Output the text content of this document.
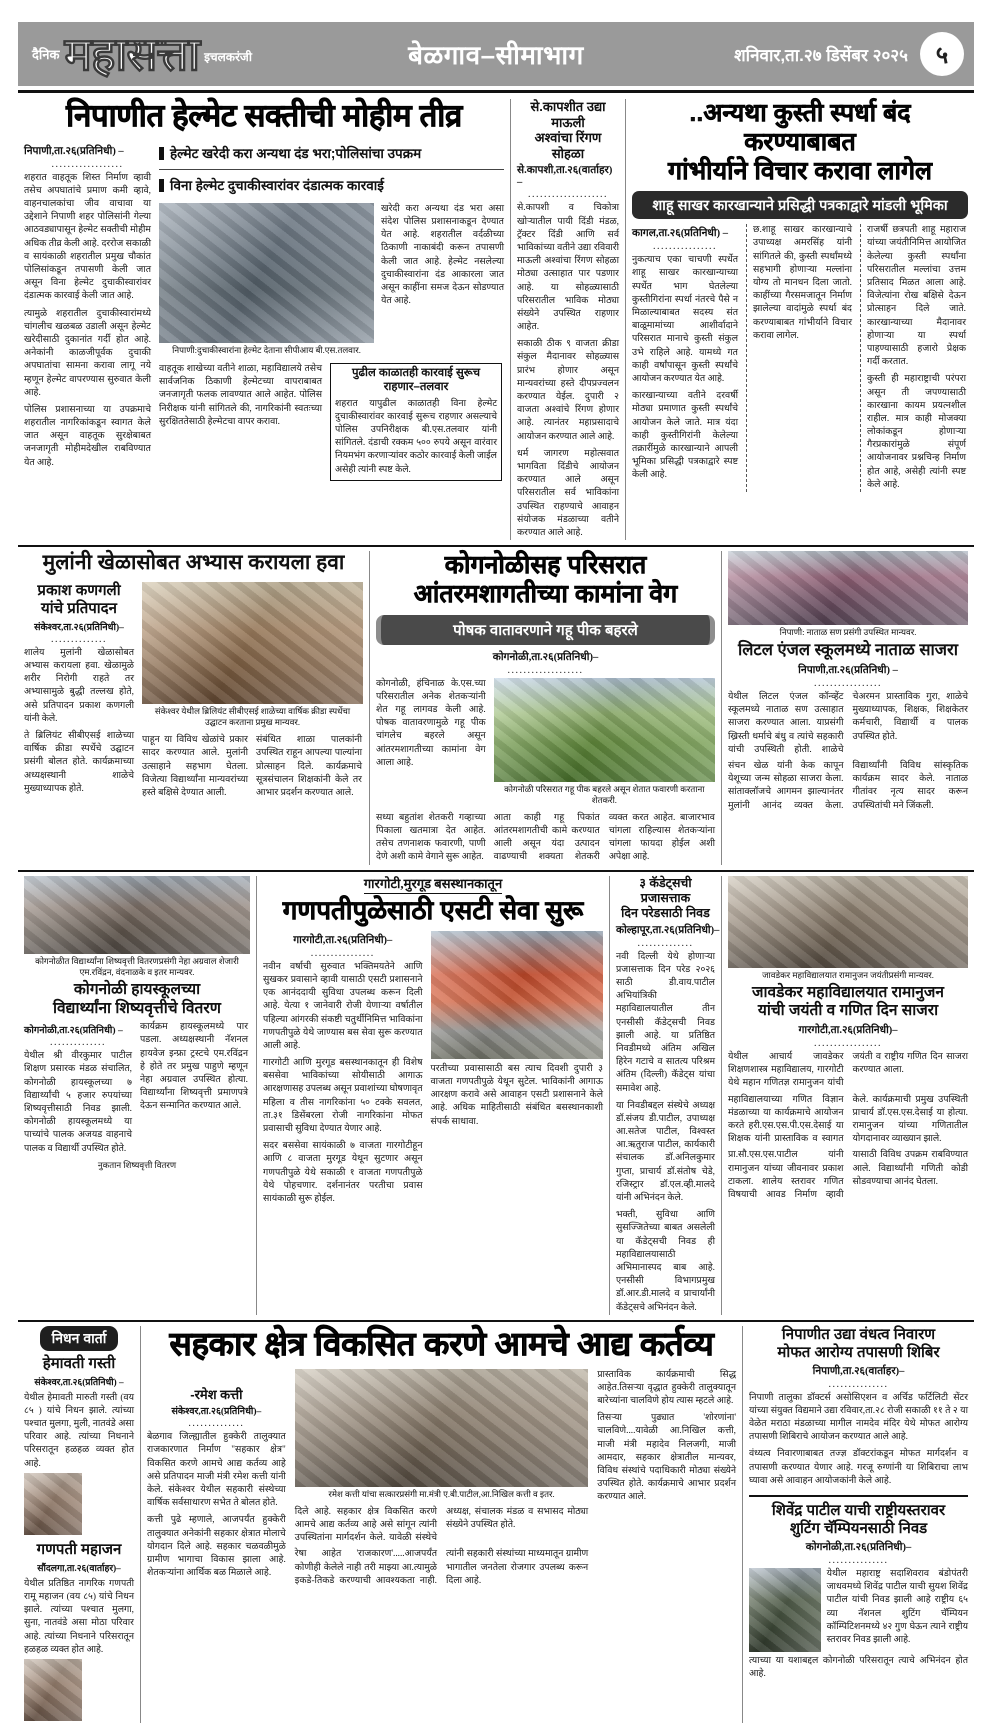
दैनिक महासत्ता इचलकरंजी	बेळगाव–सीमाभाग	शनिवार,ता.२७ डिसेंबर २०२५	५
निपाणीत हेल्मेट सक्तीची मोहीम तीव्र
निपाणी,ता.२६(प्रतिनिधी) –
..................
शहरात वाहतूक शिस्त निर्माण व्हावी तसेच अपघातांचे प्रमाण कमी व्हावे, वाहनचालकांचा जीव वाचावा या उद्देशाने निपाणी शहर पोलिसांनी गेल्या आठवड्यापासून हेल्मेट सक्तीची मोहीम अधिक तीव्र केली आहे. दररोज सकाळी व सायंकाळी शहरातील प्रमुख चौकांत पोलिसांकडून तपासणी केली जात असून विना हेल्मेट दुचाकीस्वारांवर दंडात्मक कारवाई केली जात आहे.
त्यामुळे शहरातील दुचाकीस्वारांमध्ये चांगलीच खळबळ उडाली असून हेल्मेट खरेदीसाठी दुकानांत गर्दी होत आहे. अनेकांनी काळजीपूर्वक दुचाकी अपघातांचा सामना करावा लागू नये म्हणून हेल्मेट वापरण्यास सुरुवात केली आहे.
पोलिस प्रशासनाच्या या उपक्रमाचे शहरातील नागरिकांकडून स्वागत केले जात असून वाहतूक सुरक्षेबाबत जनजागृती मोहीमदेखील राबविण्यात येत आहे.
हेल्मेट खरेदी करा अन्यथा दंड भरा;पोलिसांचा उपक्रम
विना हेल्मेट दुचाकीस्वारांवर दंडात्मक कारवाई
निपाणी:दुचाकीस्वारांना हेल्मेट देताना सीपीआय बी.एस.तलवार.
खरेदी करा अन्यथा दंड भरा असा संदेश पोलिस प्रशासनाकडून देण्यात येत आहे. शहरातील वर्दळीच्या ठिकाणी नाकाबंदी करून तपासणी केली जात आहे. हेल्मेट नसलेल्या दुचाकीस्वारांना दंड आकारला जात असून काहींना समज देऊन सोडण्यात येत आहे.
वाहतूक शाखेच्या वतीने शाळा, महाविद्यालये तसेच सार्वजनिक ठिकाणी हेल्मेटच्या वापराबाबत जनजागृती फलक लावण्यात आले आहेत. पोलिस निरीक्षक यांनी सांगितले की, नागरिकांनी स्वतःच्या सुरक्षिततेसाठी हेल्मेटचा वापर करावा.
पुढील काळातही कारवाई सुरूच राहणार–तलवार
शहरात यापुढील काळातही विना हेल्मेट दुचाकीस्वारांवर कारवाई सुरूच राहणार असल्याचे पोलिस उपनिरीक्षक बी.एस.तलवार यांनी सांगितले. दंडाची रक्कम ५०० रुपये असून वारंवार नियमभंग करणाऱ्यांवर कठोर कारवाई केली जाईल असेही त्यांनी स्पष्ट केले.
से.कापशीत उद्या माऊली
अश्वांचा रिंगण सोहळा
से.कापशी,ता.२६(वार्ताहर) –
....................
से.कापशी व चिकोत्रा खोऱ्यातील पायी दिंडी मंडळ, ट्रॅक्टर दिंडी आणि सर्व भाविकांच्या वतीने उद्या रविवारी माऊली अश्वांचा रिंगण सोहळा मोठ्या उत्साहात पार पडणार आहे. या सोहळ्यासाठी परिसरातील भाविक मोठ्या संख्येने उपस्थित राहणार आहेत.
सकाळी ठीक ९ वाजता क्रीडा संकुल मैदानावर सोहळ्यास प्रारंभ होणार असून मान्यवरांच्या हस्ते दीपप्रज्वलन करण्यात येईल. दुपारी २ वाजता अश्वांचे रिंगण होणार आहे. त्यानंतर महाप्रसादाचे आयोजन करण्यात आले आहे.
धर्म जागरण महोत्सवात भागविता दिंडीचे आयोजन करण्यात आले असून परिसरातील सर्व भाविकांना उपस्थित राहण्याचे आवाहन संयोजक मंडळाच्या वतीने करण्यात आले आहे.
..अन्यथा कुस्ती स्पर्धा बंद करण्याबाबत
गांभीर्याने विचार करावा लागेल
शाहू साखर कारखान्याने प्रसिद्धी पत्रकाद्वारे मांडली भूमिका
कागल,ता.२६(प्रतिनिधी) –
................
नुकत्याच एका चाचणी स्पर्धेत शाहू साखर कारखान्याच्या स्पर्धेत भाग घेतलेल्या कुस्तीगिरांना स्पर्धा नंतरचे पैसे न मिळाल्याबाबत सदस्य संत बाळूमामांच्या आशीर्वादाने परिसरात मानाचे कुस्ती संकुल उभे राहिले आहे. यामध्ये गत काही वर्षांपासून कुस्ती स्पर्धांचे आयोजन करण्यात येत आहे.
कारखान्याच्या वतीने दरवर्षी मोठ्या प्रमाणात कुस्ती स्पर्धांचे आयोजन केले जाते. मात्र यंदा काही कुस्तीगिरांनी केलेल्या तक्रारींमुळे कारखान्याने आपली भूमिका प्रसिद्धी पत्रकाद्वारे स्पष्ट केली आहे.
छ.शाहू साखर कारखान्याचे उपाध्यक्ष अमरसिंह यांनी सांगितले की, कुस्ती स्पर्धांमध्ये सहभागी होणाऱ्या मल्लांना योग्य तो मानधन दिला जातो. काहींच्या गैरसमजातून निर्माण झालेल्या वादांमुळे स्पर्धा बंद करण्याबाबत गांभीर्याने विचार करावा लागेल.
राजर्षी छत्रपती शाहू महाराज यांच्या जयंतीनिमित्त आयोजित केलेल्या कुस्ती स्पर्धांना परिसरातील मल्लांचा उत्तम प्रतिसाद मिळत आला आहे. विजेत्यांना रोख बक्षिसे देऊन प्रोत्साहन दिले जाते. कारखान्याच्या मैदानावर होणाऱ्या या स्पर्धा पाहण्यासाठी हजारो प्रेक्षक गर्दी करतात.
कुस्ती ही महाराष्ट्राची परंपरा असून ती जपण्यासाठी कारखाना कायम प्रयत्नशील राहील. मात्र काही मोजक्या लोकांकडून होणाऱ्या गैरप्रकारांमुळे संपूर्ण आयोजनावर प्रश्नचिन्ह निर्माण होत आहे, असेही त्यांनी स्पष्ट केले आहे.
मुलांनी खेळासोबत अभ्यास करायला हवा
प्रकाश कणगली
यांचे प्रतिपादन
संकेश्वर,ता.२६(प्रतिनिधी)–
..............
शालेय मुलांनी खेळासोबत अभ्यास करायला हवा. खेळामुळे शरीर निरोगी राहते तर अभ्यासामुळे बुद्धी तल्लख होते, असे प्रतिपादन प्रकाश कणगली यांनी केले.
ते ब्रिलियंट सीबीएसई शाळेच्या वार्षिक क्रीडा स्पर्धेचे उद्घाटन प्रसंगी बोलत होते. कार्यक्रमाच्या अध्यक्षस्थानी शाळेचे मुख्याध्यापक होते.
संकेश्वर येथील ब्रिलियंट सीबीएसई शाळेच्या वार्षिक क्रीडा स्पर्धेचा उद्घाटन करताना प्रमुख मान्यवर.
पाहून या विविध खेळांचे प्रकार सादर करण्यात आले. मुलांनी उत्साहाने सहभाग घेतला. विजेत्या विद्यार्थ्यांना मान्यवरांच्या हस्ते बक्षिसे देण्यात आली.
संबंधित शाळा पालकांनी उपस्थित राहून आपल्या पाल्यांना प्रोत्साहन दिले. कार्यक्रमाचे सूत्रसंचालन शिक्षकांनी केले तर आभार प्रदर्शन करण्यात आले.
कोगनोळीसह परिसरात
आंतरमशागतीच्या कामांना वेग
पोषक वातावरणाने गहू पीक बहरले
कोगनोळी,ता.२६(प्रतिनिधी)–
...................
कोगनोळी, हंचिनाळ के.एस.च्या परिसरातील अनेक शेतकऱ्यांनी शेत गहू लागवड केली आहे. पोषक वातावरणामुळे गहू पीक चांगलेच बहरले असून आंतरमशागतीच्या कामांना वेग आला आहे.
कोगनोळी परिसरात गहू पीक बहरले असून शेतात फवारणी करताना शेतकरी.
सध्या बहुतांश शेतकरी गव्हाच्या पिकाला खतमात्रा देत आहेत. तसेच तणनाशक फवारणी, पाणी देणे अशी कामे वेगाने सुरू आहेत.
आता काही गहू पिकांत आंतरमशागतीची कामे करण्यात आली असून यंदा उत्पादन वाढण्याची शक्यता शेतकरी व्यक्त करत आहेत. बाजारभाव चांगला राहिल्यास शेतकऱ्यांना चांगला फायदा होईल अशी अपेक्षा आहे.
निपाणी: नाताळ सण प्रसंगी उपस्थित मान्यवर.
लिटल एंजल स्कूलमध्ये नाताळ साजरा
निपाणी,ता.२६(प्रतिनिधी) –
.................
येथील लिटल एंजल कॉन्व्हेंट स्कूलमध्ये नाताळ सण उत्साहात साजरा करण्यात आला. याप्रसंगी ख्रिस्ती धर्माचे बंधु व त्यांचे सहकारी यांची उपस्थिती होती. शाळेचे चेअरमन प्रास्ताविक गुरा, शाळेचे मुख्याध्यापक, शिक्षक, शिक्षकेतर कर्मचारी, विद्यार्थी व पालक उपस्थित होते.
संचन खेळ यांनी केक कापून येशूच्या जन्म सोहळा साजरा केला. सांताक्लॉजचे आगमन झाल्यानंतर मुलांनी आनंद व्यक्त केला. विद्यार्थ्यांनी विविध सांस्कृतिक कार्यक्रम सादर केले. नाताळ गीतांवर नृत्य सादर करून उपस्थितांची मने जिंकली.
कोगनोळीत विद्यार्थ्यांना शिष्यवृत्ती वितरणप्रसंगी नेहा अग्रवाल शेजारी एम.रविंद्रन, वंदनाळके व इतर मान्यवर.
कोगनोळी हायस्कूलच्या
विद्यार्थ्यांना शिष्यवृत्तीचे वितरण
कोगनोळी,ता.२६(प्रतिनिधी) –
..............
येथील श्री वीरकुमार पाटील शिक्षण प्रसारक मंडळ संचालित, कोगनोळी हायस्कूलच्या ७ विद्यार्थ्यांची ५ हजार रुपयांच्या शिष्यवृत्तीसाठी निवड झाली. कोगनोळी हायस्कूलमध्ये या पाच्यांचे पालक अजयड वाहनाचे पालक व विद्यार्थी उपस्थित होते.
कार्यक्रम हायस्कूलमध्ये पार पडला. अध्यक्षस्थानी नॅशनल हायवेज इन्फ्रा ट्रस्टचे एम.रविंद्रन हे होते तर प्रमुख पाहुणे म्हणून नेहा अग्रवाल उपस्थित होत्या. विद्यार्थ्यांना शिष्यवृत्ती प्रमाणपत्रे देऊन सन्मानित करण्यात आले.
नुकतान शिष्यवृत्ती वितरण
गारगोटी,मुरगूड बसस्थानकातून
गणपतीपुळेसाठी एसटी सेवा सुरू
गारगोटी,ता.२६(प्रतिनिधी)–
................
नवीन वर्षाची सुरुवात भक्तिमयतेने आणि सुखकर प्रवासाने व्हावी यासाठी एसटी प्रशासनाने एक आनंददायी सुविधा उपलब्ध करून दिली आहे. येत्या १ जानेवारी रोजी येणाऱ्या वर्षातील पहिल्या आंगरकी संकष्टी चतुर्थीनिमित्त भाविकांना गणपतीपुळे येथे जाण्यास बस सेवा सुरू करण्यात आली आहे.
गारगोटी आणि मुरगूड बसस्थानकातून ही विशेष बससेवा भाविकांच्या सोयीसाठी आगाऊ आरक्षणासह उपलब्ध असून प्रवाशांच्या घोषणावृत महिला व तीस नागरिकांना ५० टक्के सवलत, ता.३१ डिसेंबरला रोजी नागरिकांना मोफत प्रवासाची सुविधा देण्यात येणार आहे.
सदर बससेवा सायंकाळी ७ वाजता गारगोटीहून आणि ८ वाजता मुरगूड येथून सुटणार असून गणपतीपुळे येथे सकाळी १ वाजता गणपतीपुळे येथे पोहचणार. दर्शनानंतर परतीचा प्रवास सायंकाळी सुरू होईल.
परतीच्या प्रवासासाठी बस त्याच दिवशी दुपारी ३ वाजता गणपतीपुळे येथून सुटेल. भाविकांनी आगाऊ आरक्षण करावे असे आवाहन एसटी प्रशासनाने केले आहे. अधिक माहितीसाठी संबंधित बसस्थानकाशी संपर्क साधावा.
३ कॅडेट्सची प्रजासत्ताक
दिन परेडसाठी निवड
कोल्हापूर,ता.२६(प्रतिनिधी)–
..............
नवी दिल्ली येथे होणाऱ्या प्रजासत्ताक दिन परेड २०२६ साठी डी.वाय.पाटील अभियांत्रिकी महाविद्यालयातील तीन एनसीसी कॅडेट्सची निवड झाली आहे. या प्रतिष्ठित निवडीमध्ये अंतिम अखिल हिरेन गटाचे व सातत्य परिश्रम अंतिम (दिल्ली) कॅडेट्स यांचा समावेश आहे.
या निवडीबद्दल संस्थेचे अध्यक्ष डॉ.संजय डी.पाटील, उपाध्यक्ष आ.सतेज पाटील, विश्वस्त आ.ऋतुराज पाटील, कार्यकारी संचालक डॉ.अनिलकुमार गुप्ता, प्राचार्य डॉ.संतोष चेडे, रजिस्ट्रार डॉ.एल.व्ही.मालदे यांनी अभिनंदन केले.
भक्ती, सुविधा आणि सुसज्जितेच्या बाबत असलेली या कॅडेट्सची निवड ही महाविद्यालयासाठी अभिमानास्पद बाब आहे. एनसीसी विभागप्रमुख डॉ.आर.डी.मालदे व प्राचार्यांनी कॅडेट्सचे अभिनंदन केले.
जावडेकर महाविद्यालयात रामानुजन जयंतीप्रसंगी मान्यवर.
जावडेकर महाविद्यालयात रामानुजन
यांची जयंती व गणित दिन साजरा
गारगोटी,ता.२६(प्रतिनिधी)–
.................
येथील आचार्य जावडेकर शिक्षणशास्त्र महाविद्यालय, गारगोटी येथे महान गणितज्ञ रामानुजन यांची जयंती व राष्ट्रीय गणित दिन साजरा करण्यात आला.
महाविद्यालयाच्या गणित विज्ञान मंडळाच्या या कार्यक्रमाचे आयोजन करते हरी.एस.एस.पी.एस.देसाई या शिक्षक यांनी प्रास्ताविक व स्वागत केले. कार्यक्रमाची प्रमुख उपस्थिती प्राचार्य डॉ.एस.एस.देसाई या होत्या. रामानुजन यांच्या गणितातील योगदानावर व्याख्यान झाले.
प्रा.सौ.एस.एस.पाटील यांनी रामानुजन यांच्या जीवनावर प्रकाश टाकला. शालेय स्तरावर गणित विषयाची आवड निर्माण व्हावी यासाठी विविध उपक्रम राबविण्यात आले. विद्यार्थ्यांनी गणिती कोडी सोडवण्याचा आनंद घेतला.
निधन वार्ता
हेमावती गस्ती
संकेश्वर,ता.२६(प्रतिनिधी) –
येथील हेमावती मारुती गस्ती (वय ८५ ) यांचे निधन झाले. त्यांच्या पश्चात मुलगा, मुली, नातवंडे असा परिवार आहे. त्यांच्या निधनाने परिसरातून हळहळ व्यक्त होत आहे.
गणपती महाजन
सौंदलगा,ता.२६(वार्ताहर)–
येथील प्रतिष्ठित नागरिक गणपती रामू महाजन (वय ८५) यांचे निधन झाले. त्यांच्या पश्चात मुलगा, सुना, नातवंडे असा मोठा परिवार आहे. त्यांच्या निधनाने परिसरातून हळहळ व्यक्त होत आहे.
सहकार क्षेत्र विकसित करणे आमचे आद्य कर्तव्य
-रमेश कत्ती
संकेश्वर,ता.२६(प्रतिनिधी)–
..............
बेळगाव जिल्ह्यातील हुक्केरी तालुक्यात राजकारणात निर्माण "सहकार क्षेत्र" विकसित करणे आमचे आद्य कर्तव्य आहे असे प्रतिपादन माजी मंत्री रमेश कत्ती यांनी केले. संकेश्वर येथील सहकारी संस्थेच्या वार्षिक सर्वसाधारण सभेत ते बोलत होते.
कत्ती पुढे म्हणाले, आजपर्यंत हुक्केरी तालुक्यात अनेकांनी सहकार क्षेत्रात मोलाचे योगदान दिले आहे. सहकार चळवळीमुळे ग्रामीण भागाचा विकास झाला आहे. शेतकऱ्यांना आर्थिक बळ मिळाले आहे.
रमेश कत्ती यांचा सत्कारप्रसंगी मा.मंत्री ए.बी.पाटील,आ.निखिल कत्ती व इतर.
दिले आहे. सहकार क्षेत्र विकसित करणे आमचे आद्य कर्तव्य आहे असे सांगून त्यांनी उपस्थितांना मार्गदर्शन केले. यावेळी संस्थेचे अध्यक्ष, संचालक मंडळ व सभासद मोठ्या संख्येने उपस्थित होते.
रेषा आहेत 'राजकारण'.....आजपर्यंत कोणीही केलेले नाही तरी माझ्या आ.त्यामुळे इकडे-तिकडे करण्याची आवश्यकता नाही. त्यांनी सहकारी संस्थांच्या माध्यमातून ग्रामीण भागातील जनतेला रोजगार उपलब्ध करून दिला आहे.
प्रास्ताविक कार्यक्रमाची सिद्ध आहेत.तिसऱ्या वृद्धात हुक्केरी तालुक्यातून बारेच्यांना चालविणे होय त्यास म्हटले आहे.
तिसऱ्या पुढ्यात 'शोरणांना' चालविणे....यावेळी आ.निखिल कत्ती, माजी मंत्री महादेव निलजगी, माजी आमदार, सहकार क्षेत्रातील मान्यवर, विविध संस्थांचे पदाधिकारी मोठ्या संख्येने उपस्थित होते. कार्यक्रमाचे आभार प्रदर्शन करण्यात आले.
निपाणीत उद्या वंधत्व निवारण
मोफत आरोग्य तपासणी शिबिर
निपाणी,ता.२६(वार्ताहर)–
...............
निपाणी तालुका डॉक्टर्स असोसिएशन व अर्चिड फर्टिलिटी सेंटर यांच्या संयुक्त विद्यमाने उद्या रविवार,ता.२८ रोजी सकाळी ११ ते २ या वेळेत मराठा मंडळाच्या मागील नामदेव मंदिर येथे मोफत आरोग्य तपासणी शिबिराचे आयोजन करण्यात आले आहे.
वंध्यत्व निवारणाबाबत तज्ज्ञ डॉक्टरांकडून मोफत मार्गदर्शन व तपासणी करण्यात येणार आहे. गरजू रुग्णांनी या शिबिराचा लाभ घ्यावा असे आवाहन आयोजकांनी केले आहे.
शिवेंद्र पाटील याची राष्ट्रीयस्तरावर
शुटिंग चॅम्पियनसाठी निवड
कोगनोळी,ता.२६(प्रतिनिधी)–
...............
येथील महाराष्ट्र सदाशिवराव बंडोपंतरी जाधवमध्ये शिवेंद्र पाटील याची सुयश शिवेंद्र पाटील यांची निवड झाली आहे राष्ट्रीय ६५ व्या नॅशनल शुटिंग चॅम्पियन कॉम्पिटिशनमध्ये ४२ गुण घेऊन त्याने राष्ट्रीय स्तरावर निवड झाली आहे.
त्याच्या या यशाबद्दल कोगनोळी परिसरातून त्याचे अभिनंदन होत आहे.
